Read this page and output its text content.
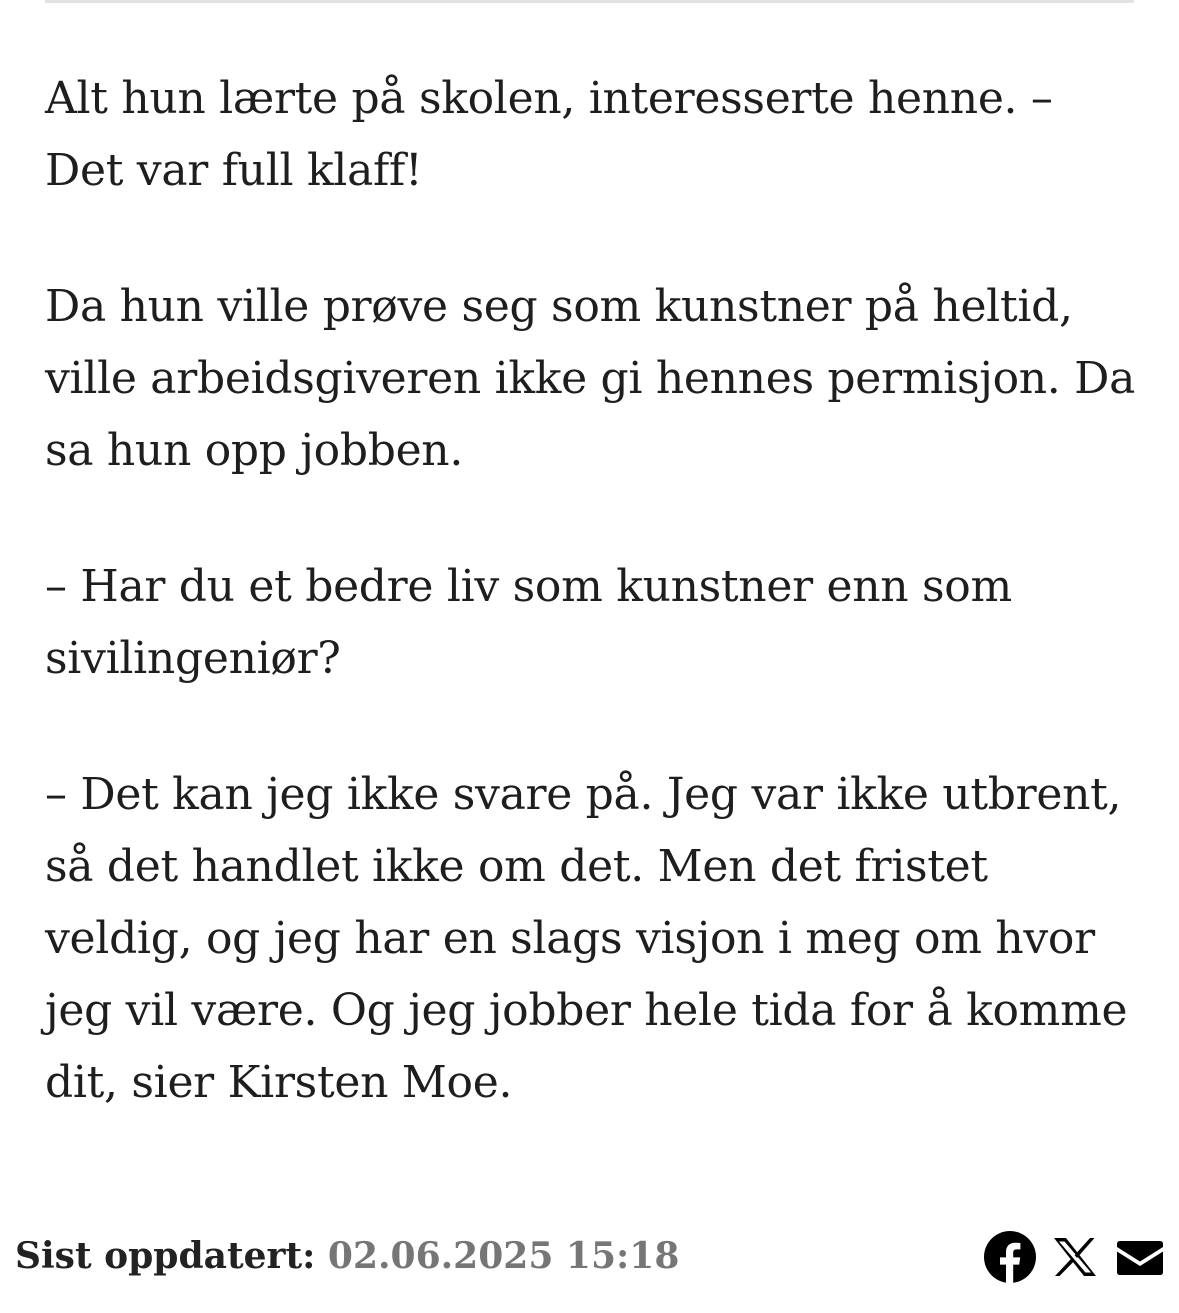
Alt hun lærte på skolen, interesserte henne. – Det var full klaff!

Da hun ville prøve seg som kunstner på heltid, ville arbeidsgiveren ikke gi hennes permisjon. Da sa hun opp jobben.

– Har du et bedre liv som kunstner enn som sivilingeniør?

– Det kan jeg ikke svare på. Jeg var ikke utbrent, så det handlet ikke om det. Men det fristet veldig, og jeg har en slags visjon i meg om hvor jeg vil være. Og jeg jobber hele tida for å komme dit, sier Kirsten Moe.

Sist oppdatert: 02.06.2025 15:18
